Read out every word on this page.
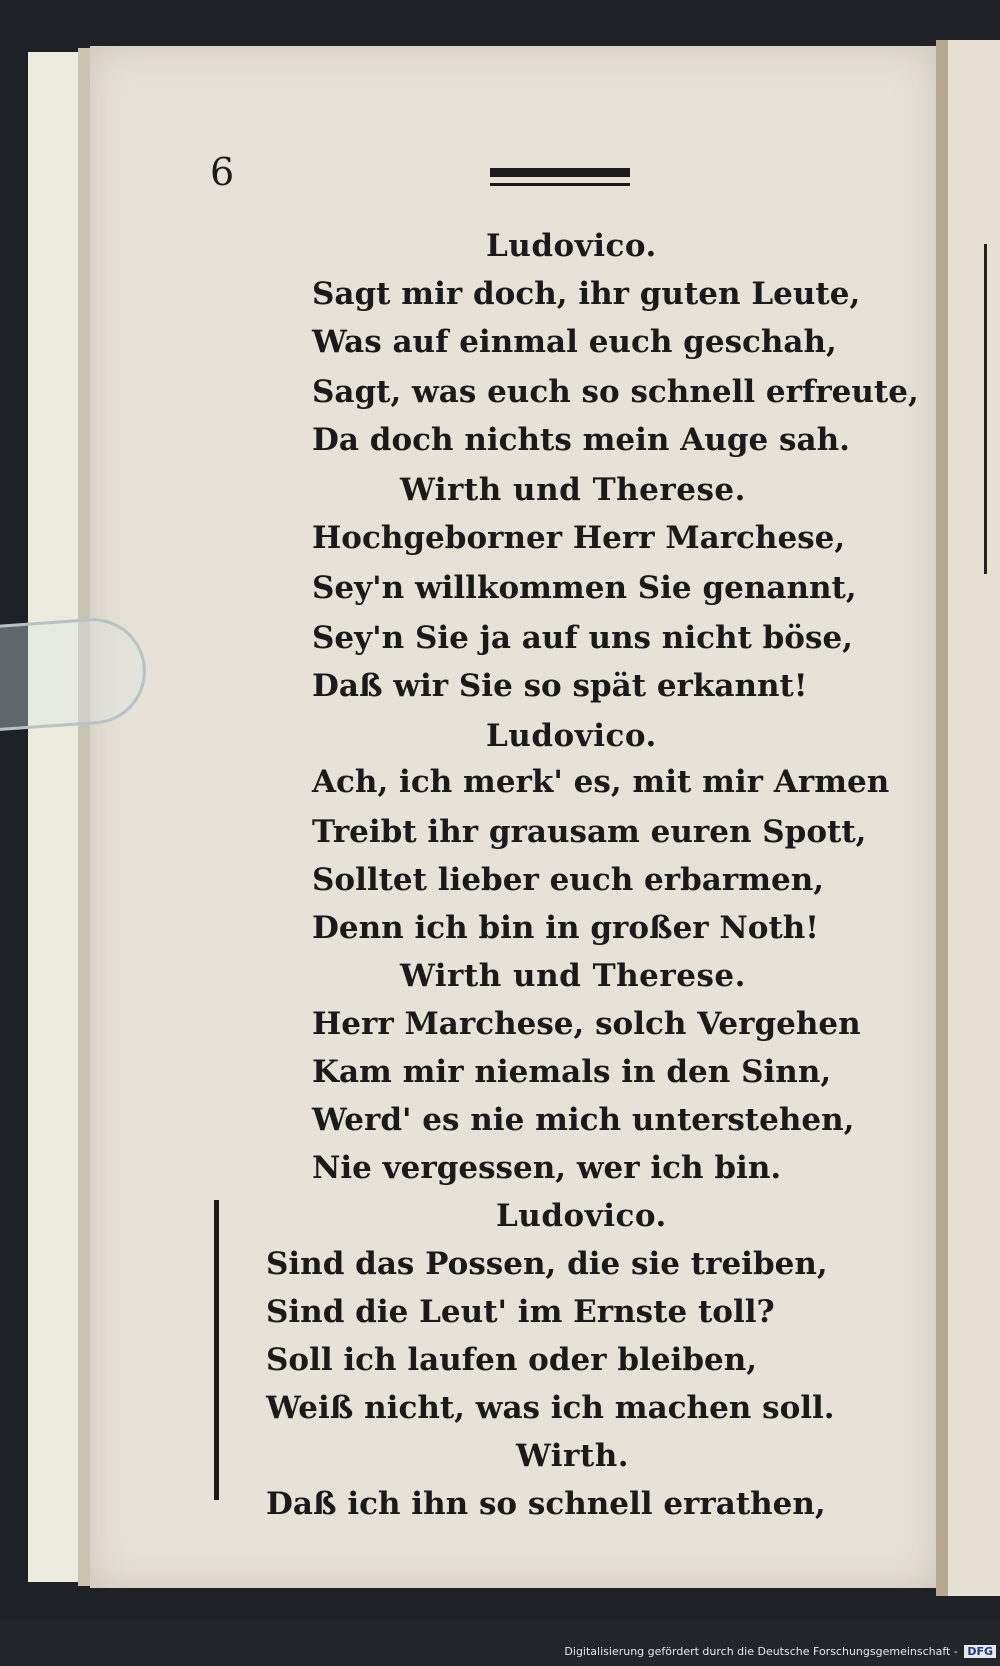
6
Ludovico.
Sagt mir doch, ihr guten Leute,
Was auf einmal euch geschah,
Sagt, was euch so schnell erfreute,
Da doch nichts mein Auge sah.
Wirth und Therese.
Hochgeborner Herr Marchese,
Sey'n willkommen Sie genannt,
Sey'n Sie ja auf uns nicht böse,
Daß wir Sie so spät erkannt!
Ludovico.
Ach, ich merk' es, mit mir Armen
Treibt ihr grausam euren Spott,
Solltet lieber euch erbarmen,
Denn ich bin in großer Noth!
Wirth und Therese.
Herr Marchese, solch Vergehen
Kam mir niemals in den Sinn,
Werd' es nie mich unterstehen,
Nie vergessen, wer ich bin.
Ludovico.
Sind das Possen, die sie treiben,
Sind die Leut' im Ernste toll?
Soll ich laufen oder bleiben,
Weiß nicht, was ich machen soll.
Wirth.
Daß ich ihn so schnell errathen,
Digitalisierung gefördert durch die Deutsche Forschungsgemeinschaft - DFG
